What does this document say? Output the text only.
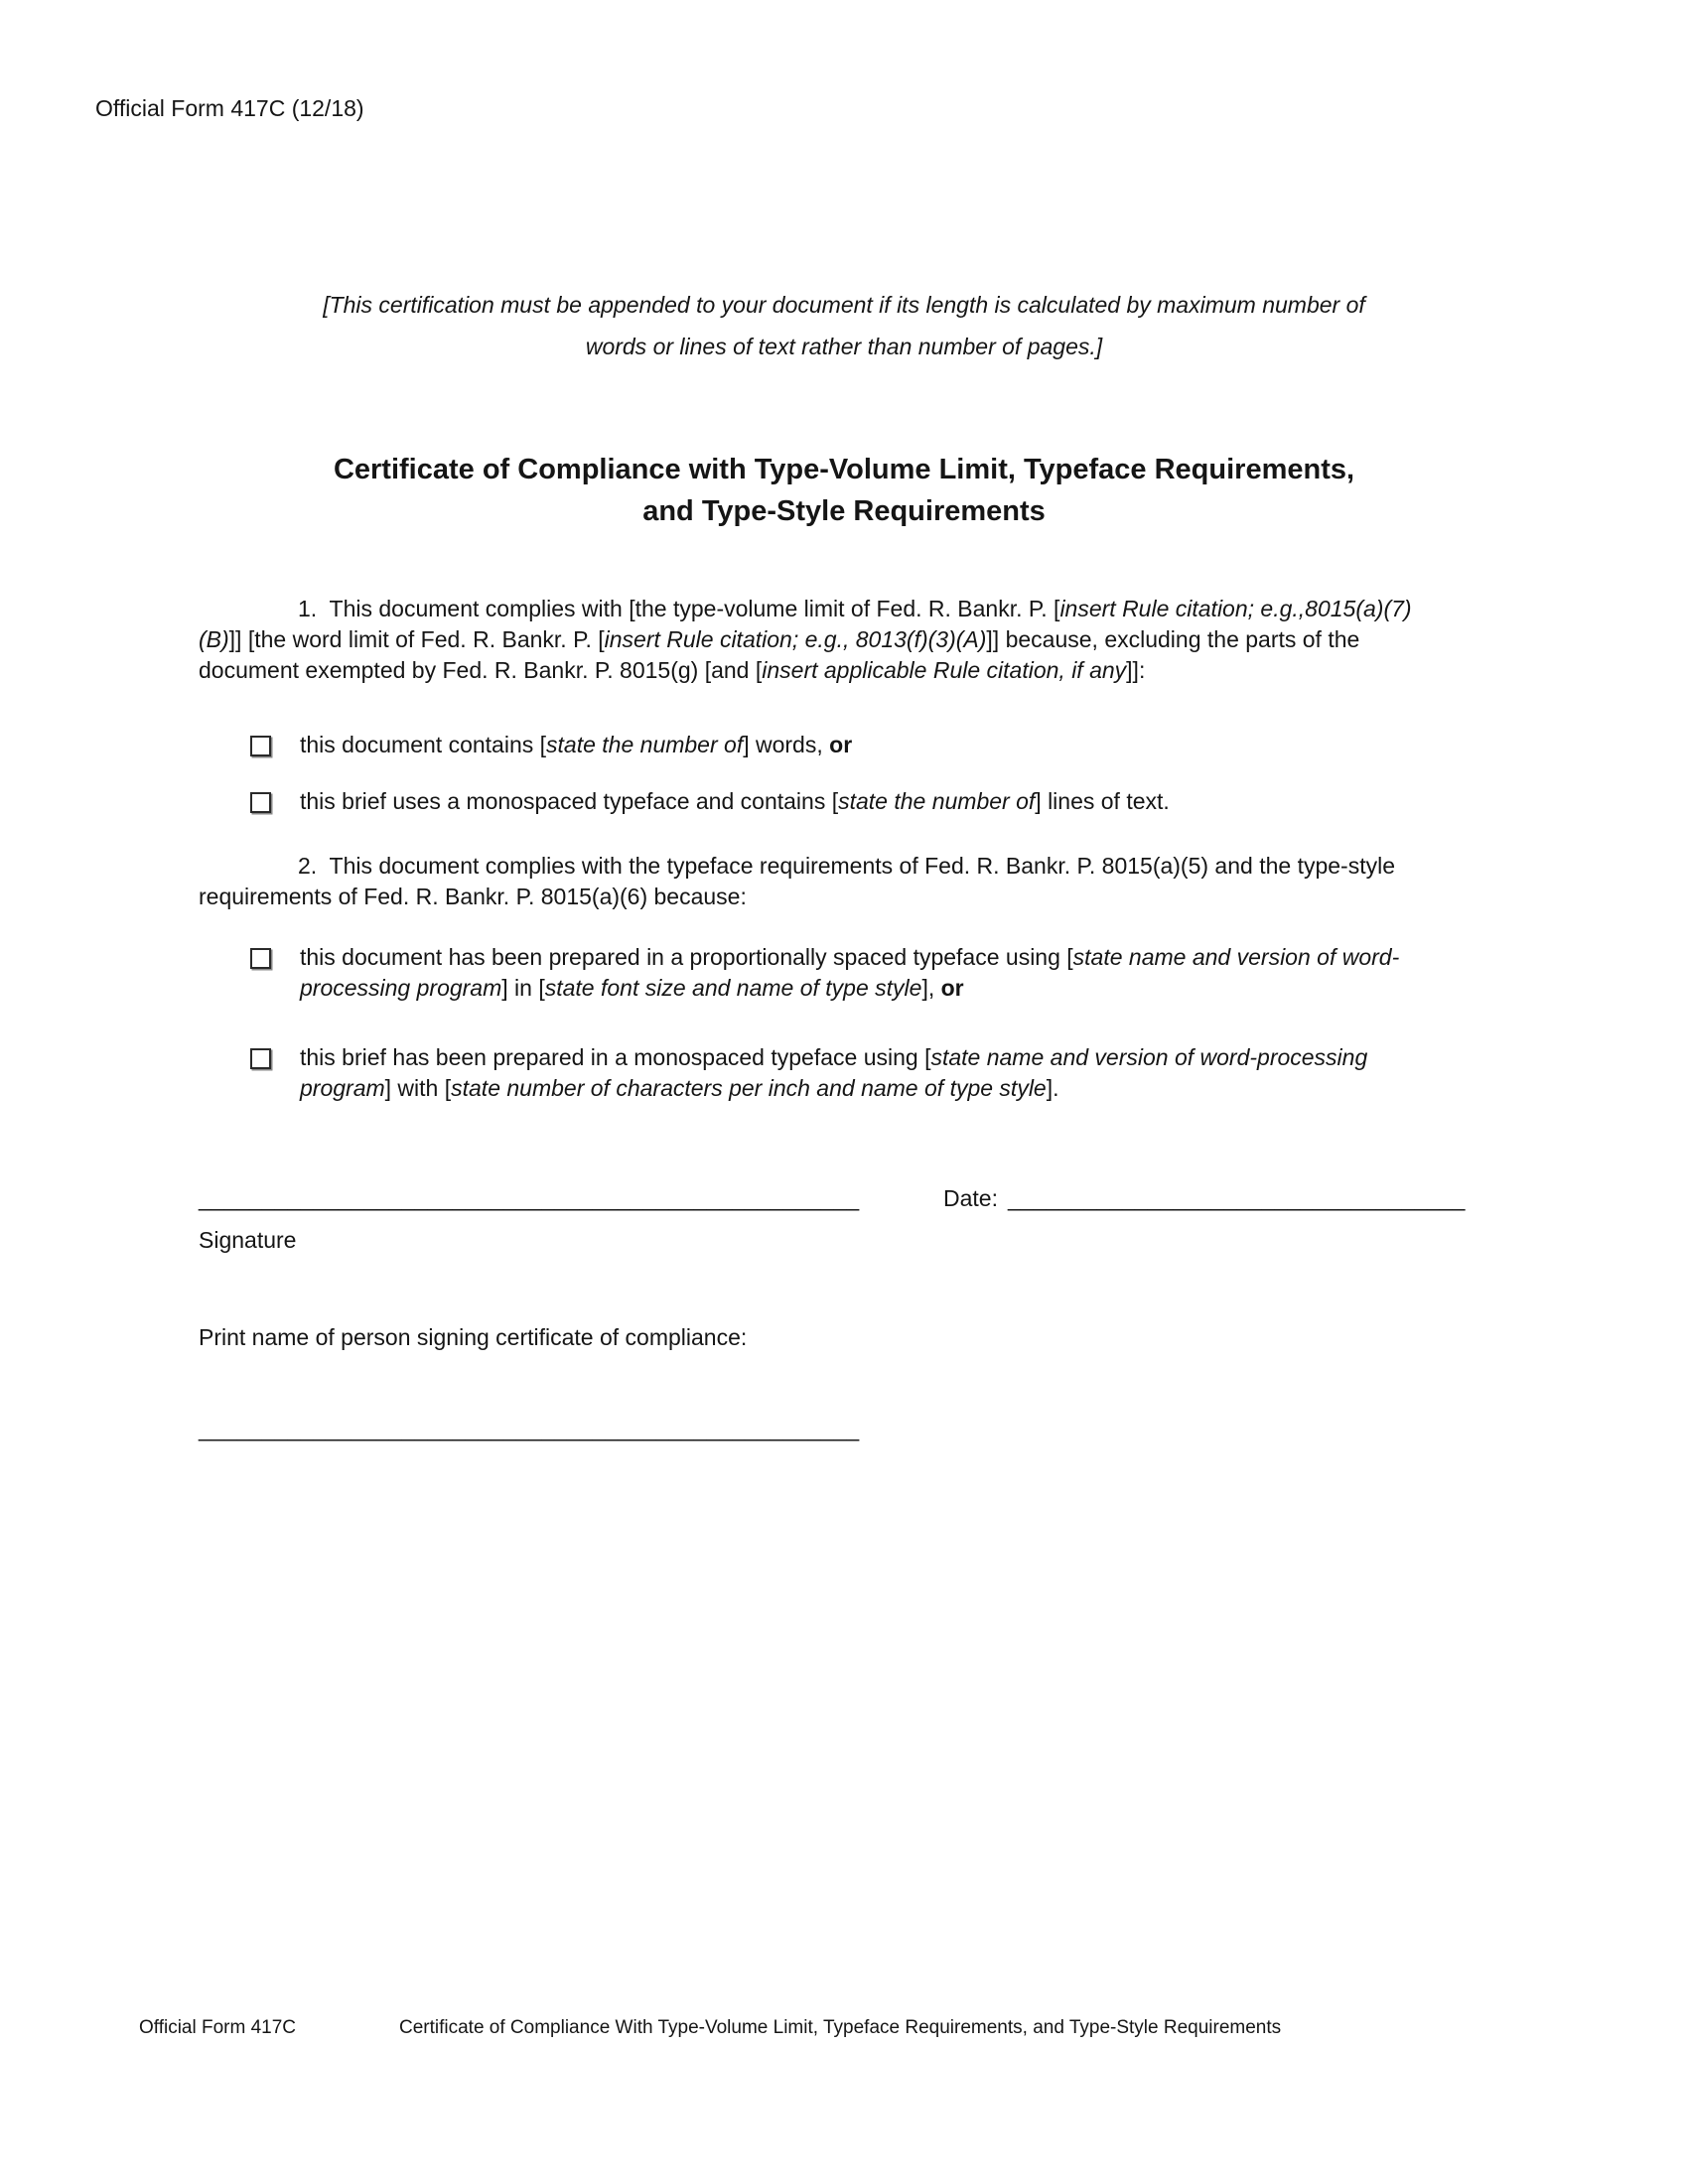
Official Form 417C (12/18)
[This certification must be appended to your document if its length is calculated by maximum number of
words or lines of text rather than number of pages.]
Certificate of Compliance with Type-Volume Limit, Typeface Requirements,
and Type-Style Requirements

1.  This document complies with [the type-volume limit of Fed. R. Bankr. P. [insert Rule citation; e.g.,8015(a)(7)(B)]] [the word limit of Fed. R. Bankr. P. [insert Rule citation; e.g., 8013(f)(3)(A)]] because, excluding the parts of the document exempted by Fed. R. Bankr. P. 8015(g) [and [insert applicable Rule citation, if any]]:

this document contains [state the number of] words, or
this brief uses a monospaced typeface and contains [state the number of] lines of text.

2.  This document complies with the typeface requirements of Fed. R. Bankr. P. 8015(a)(5) and the type-style requirements of Fed. R. Bankr. P. 8015(a)(6) because:

this document has been prepared in a proportionally spaced typeface using [state name and version of word-processing program] in [state font size and name of type style], or
this brief has been prepared in a monospaced typeface using [state name and version of word-processing program] with [state number of characters per inch and name of type style].
____________________________________________________	Date: ____________________________________
Signature
Print name of person signing certificate of compliance:
____________________________________________________
Official Form 417C	Certificate of Compliance With Type-Volume Limit, Typeface Requirements, and Type-Style Requirements
